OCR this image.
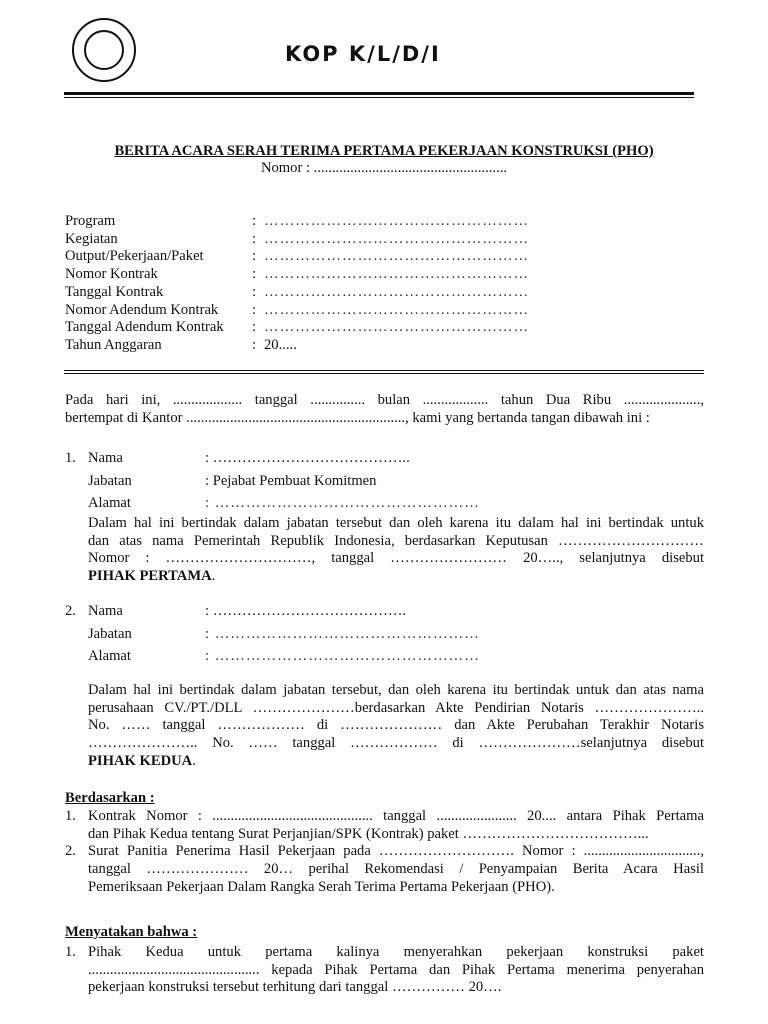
KOP K/L/D/I
BERITA ACARA SERAH TERIMA PERTAMA PEKERJAAN KONSTRUKSI (PHO)
Nomor : .....................................................
Program	: ……………………………………………
Kegiatan	: ……………………………………………
Output/Pekerjaan/Paket	: ……………………………………………
Nomor Kontrak	: ……………………………………………
Tanggal Kontrak	: ……………………………………………
Nomor Adendum Kontrak	: ……………………………………………
Tanggal Adendum Kontrak	: ……………………………………………
Tahun Anggaran	: 20.....

Pada hari ini, ................... tanggal ............... bulan .................. tahun Dua Ribu .....................,

bertempat di Kantor ............................................................, kami yang bertanda tangan dibawah ini :

1. Nama	: …………………………………..
Jabatan	: Pejabat Pembuat Komitmen
Alamat	: ……………………………………………

Dalam hal ini bertindak dalam jabatan tersebut dan oleh karena itu dalam hal ini bertindak untuk

dan atas nama Pemerintah Republik Indonesia, berdasarkan Keputusan …………………………

Nomor : …………………………, tanggal …………………… 20….., selanjutnya disebut

PIHAK PERTAMA.

2. Nama	: ………………………………….
Jabatan	: ……………………………………………
Alamat	: ……………………………………………

Dalam hal ini bertindak dalam jabatan tersebut, dan oleh karena itu bertindak untuk dan atas nama

perusahaan CV./PT./DLL …………………berdasarkan Akte Pendirian Notaris …………………..

No. …… tanggal ……………… di ………………… dan Akte Perubahan Terakhir Notaris

………………….. No. …… tanggal ……………… di …………………selanjutnya disebut

PIHAK KEDUA.

Berdasarkan :
1. Kontrak Nomor : ............................................ tanggal ...................... 20.... antara Pihak Pertama

dan Pihak Kedua tentang Surat Perjanjian/SPK (Kontrak) paket ………………………………...

2. Surat Panitia Penerima Hasil Pekerjaan pada ………………………. Nomor : ................................,

tanggal ………………… 20… perihal Rekomendasi / Penyampaian Berita Acara Hasil

Pemeriksaan Pekerjaan Dalam Rangka Serah Terima Pertama Pekerjaan (PHO).

Menyatakan bahwa :
1. Pihak Kedua untuk pertama kalinya menyerahkan pekerjaan konstruksi paket

............................................... kepada Pihak Pertama dan Pihak Pertama menerima penyerahan

pekerjaan konstruksi tersebut terhitung dari tanggal …………… 20….
